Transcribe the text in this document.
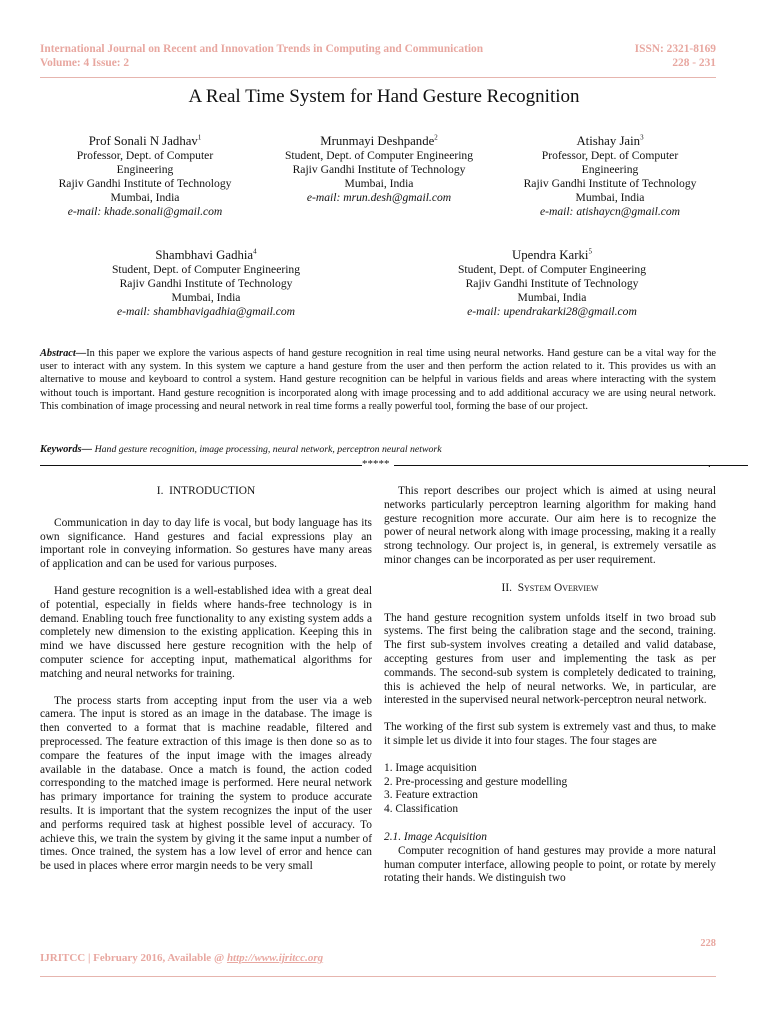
International Journal on Recent and Innovation Trends in Computing and Communication
Volume: 4 Issue: 2
ISSN: 2321-8169
228 - 231
A Real Time System for Hand Gesture Recognition
Prof Sonali N Jadhav$^1$
Professor, Dept. of Computer
Engineering
Rajiv Gandhi Institute of Technology
Mumbai, India
e-mail: khade.sonali@gmail.com
Mrunmayi Deshpande$^2$
Student, Dept. of Computer Engineering
Rajiv Gandhi Institute of Technology
Mumbai, India
e-mail: mrun.desh@gmail.com
Atishay Jain$^3$
Professor, Dept. of Computer
Engineering
Rajiv Gandhi Institute of Technology
Mumbai, India
e-mail: atishaycn@gmail.com
Shambhavi Gadhia$^4$
Student, Dept. of Computer Engineering
Rajiv Gandhi Institute of Technology
Mumbai, India
e-mail: shambhavigadhia@gmail.com
Upendra Karki$^5$
Student, Dept. of Computer Engineering
Rajiv Gandhi Institute of Technology
Mumbai, India
e-mail: upendrakarki28@gmail.com
Abstract—In this paper we explore the various aspects of hand gesture recognition in real time using neural networks. Hand gesture can be a vital way for the user to interact with any system. In this system we capture a hand gesture from the user and then perform the action related to it. This provides us with an alternative to mouse and keyboard to control a system. Hand gesture recognition can be helpful in various fields and areas where interacting with the system without touch is important. Hand gesture recognition is incorporated along with image processing and to add additional accuracy we are using neural network. This combination of image processing and neural network in real time forms a really powerful tool, forming the base of our project.
Keywords— Hand gesture recognition, image processing, neural network, perceptron neural network
*****	.
I. INTRODUCTION

Communication in day to day life is vocal, but body language has its own significance. Hand gestures and facial expressions play an important role in conveying information. So gestures have many areas of application and can be used for various purposes.

Hand gesture recognition is a well-established idea with a great deal of potential, especially in fields where hands-free technology is in demand. Enabling touch free functionality to any existing system adds a completely new dimension to the existing application. Keeping this in mind we have discussed here gesture recognition with the help of computer science for accepting input, mathematical algorithms for matching and neural networks for training.

The process starts from accepting input from the user via a web camera. The input is stored as an image in the database. The image is then converted to a format that is machine readable, filtered and preprocessed. The feature extraction of this image is then done so as to compare the features of the input image with the images already available in the database. Once a match is found, the action coded corresponding to the matched image is performed. Here neural network has primary importance for training the system to produce accurate results. It is important that the system recognizes the input of the user and performs required task at highest possible level of accuracy. To achieve this, we train the system by giving it the same input a number of times. Once trained, the system has a low level of error and hence can be used in places where error margin needs to be very small

This report describes our project which is aimed at using neural networks particularly perceptron learning algorithm for making hand gesture recognition more accurate. Our aim here is to recognize the power of neural network along with image processing, making it a really strong technology. Our project is, in general, is extremely versatile as minor changes can be incorporated as per user requirement.

II. System Overview

The hand gesture recognition system unfolds itself in two broad sub systems. The first being the calibration stage and the second, training. The first sub-system involves creating a detailed and valid database, accepting gestures from user and implementing the task as per commands. The second-sub system is completely dedicated to training, this is achieved the help of neural networks. We, in particular, are interested in the supervised neural network-perceptron neural network.

The working of the first sub system is extremely vast and thus, to make it simple let us divide it into four stages. The four stages are

1. Image acquisition
2. Pre-processing and gesture modelling
3. Feature extraction
4. Classification
2.1. Image Acquisition

Computer recognition of hand gestures may provide a more natural human computer interface, allowing people to point, or rotate by merely rotating their hands. We distinguish two

228
IJRITCC | February 2016, Available @ http://www.ijritcc.org
